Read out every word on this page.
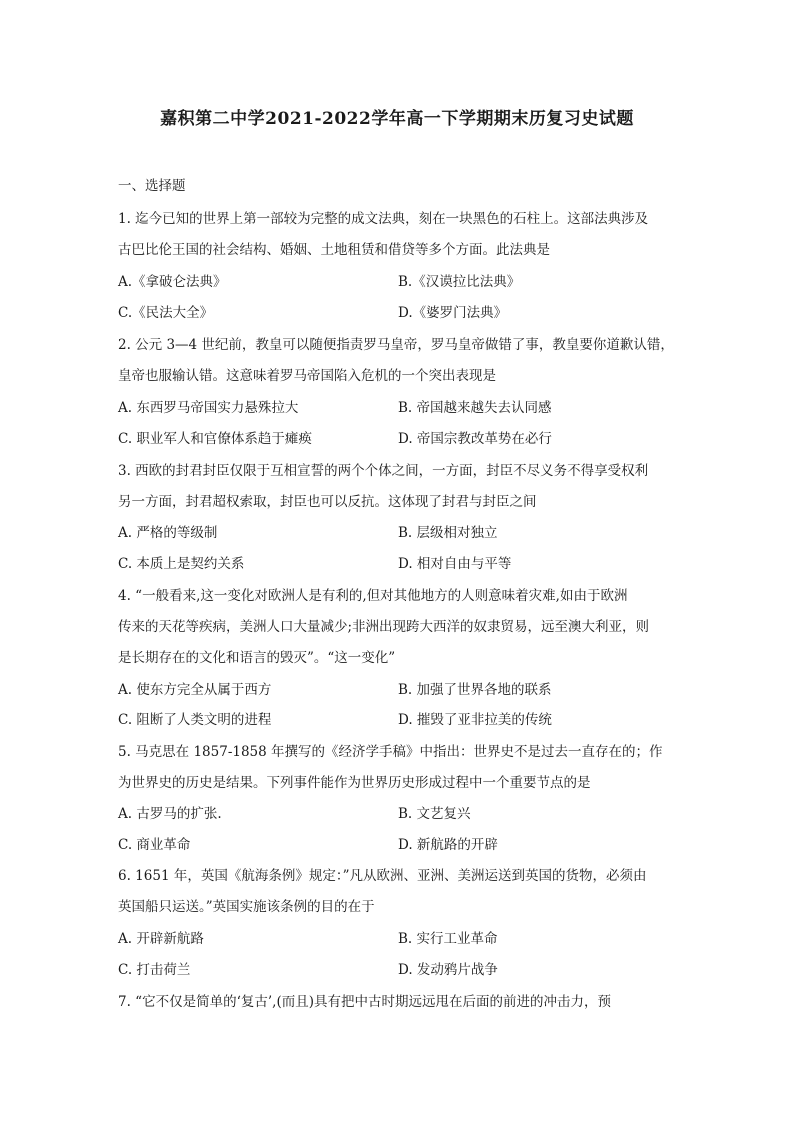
嘉积第二中学2021-2022学年高一下学期期末历复习史试题
一、选择题
1. 迄今已知的世界上第一部较为完整的成文法典，刻在一块黑色的石柱上。这部法典涉及
古巴比伦王国的社会结构、婚姻、土地租赁和借贷等多个方面。此法典是
A.《拿破仑法典》	B.《汉谟拉比法典》
C.《民法大全》	D.《婆罗门法典》
2. 公元 3—4 世纪前，教皇可以随便指责罗马皇帝，罗马皇帝做错了事，教皇要你道歉认错，
皇帝也服输认错。这意味着罗马帝国陷入危机的一个突出表现是
A. 东西罗马帝国实力悬殊拉大	B. 帝国越来越失去认同感
C. 职业军人和官僚体系趋于瘫痪	D. 帝国宗教改革势在必行
3. 西欧的封君封臣仅限于互相宣誓的两个个体之间，一方面，封臣不尽义务不得享受权利
另一方面，封君超权索取，封臣也可以反抗。这体现了封君与封臣之间
A. 严格的等级制	B. 层级相对独立
C. 本质上是契约关系	D. 相对自由与平等
4. “一般看来,这一变化对欧洲人是有利的,但对其他地方的人则意味着灾难,如由于欧洲
传来的天花等疾病，美洲人口大量减少;非洲出现跨大西洋的奴隶贸易，远至澳大利亚，则
是长期存在的文化和语言的毁灭”。“这一变化”
A. 使东方完全从属于西方	B. 加强了世界各地的联系
C. 阻断了人类文明的进程	D. 摧毁了亚非拉美的传统
5. 马克思在 1857-1858 年撰写的《经济学手稿》中指出：世界史不是过去一直存在的；作
为世界史的历史是结果。下列事件能作为世界历史形成过程中一个重要节点的是
A. 古罗马的扩张.	B. 文艺复兴
C. 商业革命	D. 新航路的开辟
6. 1651 年，英国《航海条例》规定：”凡从欧洲、亚洲、美洲运送到英国的货物，必须由
英国船只运送。”英国实施该条例的目的在于
A. 开辟新航路	B. 实行工业革命
C. 打击荷兰	D. 发动鸦片战争
7. “它不仅是简单的‘复古’,(而且)具有把中古时期远远甩在后面的前进的冲击力，预
